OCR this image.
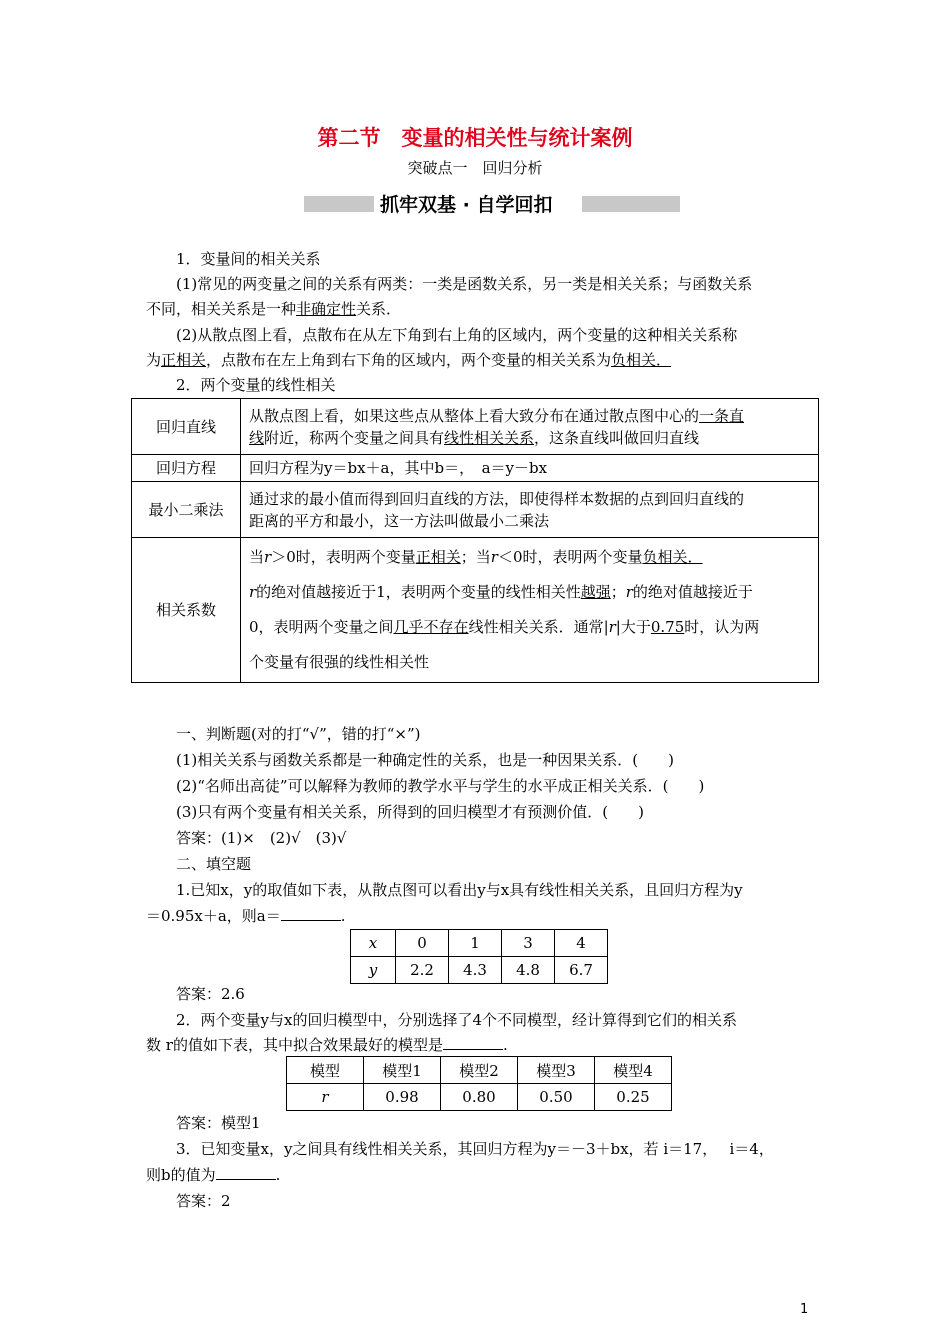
第二节　变量的相关性与统计案例
突破点一　回归分析
抓牢双基 · 自学回扣
1．变量间的相关关系
(1)常见的两变量之间的关系有两类：一类是函数关系，另一类是相关关系；与函数关系
不同，相关关系是一种非确定性关系．
(2)从散点图上看，点散布在从左下角到右上角的区域内，两个变量的这种相关关系称
为正相关，点散布在左上角到右下角的区域内，两个变量的相关关系为负相关．
2．两个变量的线性相关
回归直线	从散点图上看，如果这些点从整体上看大致分布在通过散点图中心的一条直
线附近，称两个变量之间具有线性相关关系，这条直线叫做回归直线

回归方程	回归方程为y＝bx＋a，其中b＝，　a＝y－bx
最小二乘法	通过求的最小值而得到回归直线的方法，即使得样本数据的点到回归直线的
距离的平方和最小，这一方法叫做最小二乘法

相关系数	当r＞0时，表明两个变量正相关；当r＜0时，表明两个变量负相关．
r的绝对值越接近于1，表明两个变量的线性相关性越强；r的绝对值越接近于
0，表明两个变量之间几乎不存在线性相关关系．通常|r|大于0.75时，认为两
个变量有很强的线性相关性
一、判断题(对的打“√”，错的打“×”)
(1)相关关系与函数关系都是一种确定性的关系，也是一种因果关系．(　　)
(2)“名师出高徒”可以解释为教师的教学水平与学生的水平成正相关关系．(　　)
(3)只有两个变量有相关关系，所得到的回归模型才有预测价值．(　　)
答案：(1)×　(2)√　(3)√
二、填空题
1.已知x，y的取值如下表，从散点图可以看出y与x具有线性相关关系，且回归方程为y
＝0.95x＋a，则a＝	.
x	0	1	3	4
y	2.2	4.3	4.8	6.7
答案：2.6
2．两个变量y与x的回归模型中，分别选择了4个不同模型，经计算得到它们的相关系
数 r的值如下表，其中拟合效果最好的模型是	.
模型	模型1	模型2	模型3	模型4
r	0.98	0.80	0.50	0.25
答案：模型1
3．已知变量x，y之间具有线性相关关系，其回归方程为y＝－3＋bx，若 i＝17，　 i＝4，
则b的值为	.
答案：2
1
